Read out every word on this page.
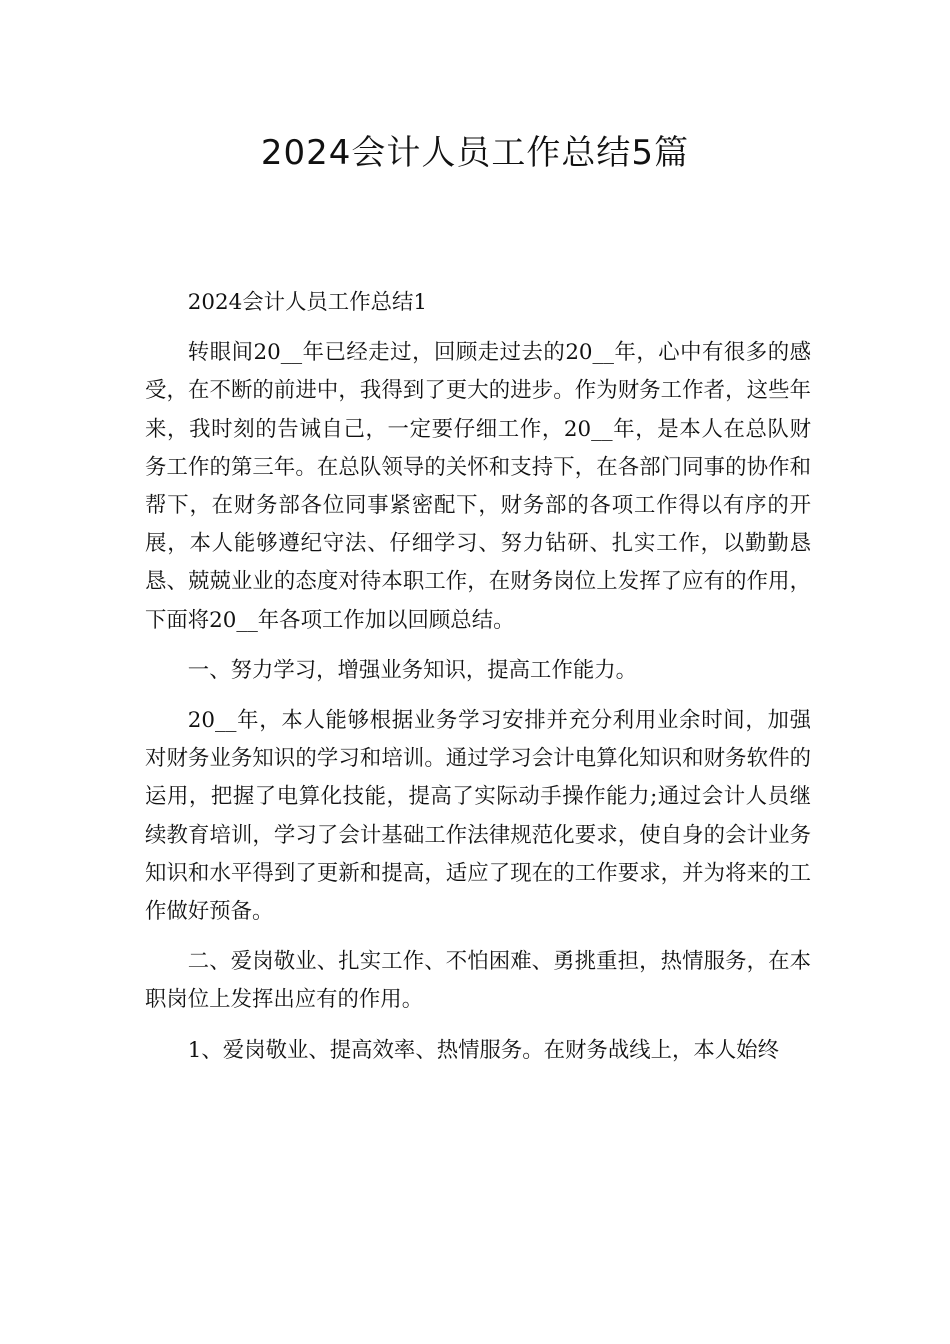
2024会计人员工作总结5篇

2024会计人员工作总结1

转眼间20__年已经走过，回顾走过去的20__年，心中有很多的感受，在不断的前进中，我得到了更大的进步。作为财务工作者，这些年来，我时刻的告诫自己，一定要仔细工作，20__年，是本人在总队财务工作的第三年。在总队领导的关怀和支持下，在各部门同事的协作和帮下，在财务部各位同事紧密配下，财务部的各项工作得以有序的开展，本人能够遵纪守法、仔细学习、努力钻研、扎实工作，以勤勤恳恳、兢兢业业的态度对待本职工作，在财务岗位上发挥了应有的作用，下面将20__年各项工作加以回顾总结。

一、努力学习，增强业务知识，提高工作能力。

20__年，本人能够根据业务学习安排并充分利用业余时间，加强对财务业务知识的学习和培训。通过学习会计电算化知识和财务软件的运用，把握了电算化技能，提高了实际动手操作能力;通过会计人员继续教育培训，学习了会计基础工作法律规范化要求，使自身的会计业务知识和水平得到了更新和提高，适应了现在的工作要求，并为将来的工作做好预备。

二、爱岗敬业、扎实工作、不怕困难、勇挑重担，热情服务，在本职岗位上发挥出应有的作用。

1、爱岗敬业、提高效率、热情服务。在财务战线上，本人始终
